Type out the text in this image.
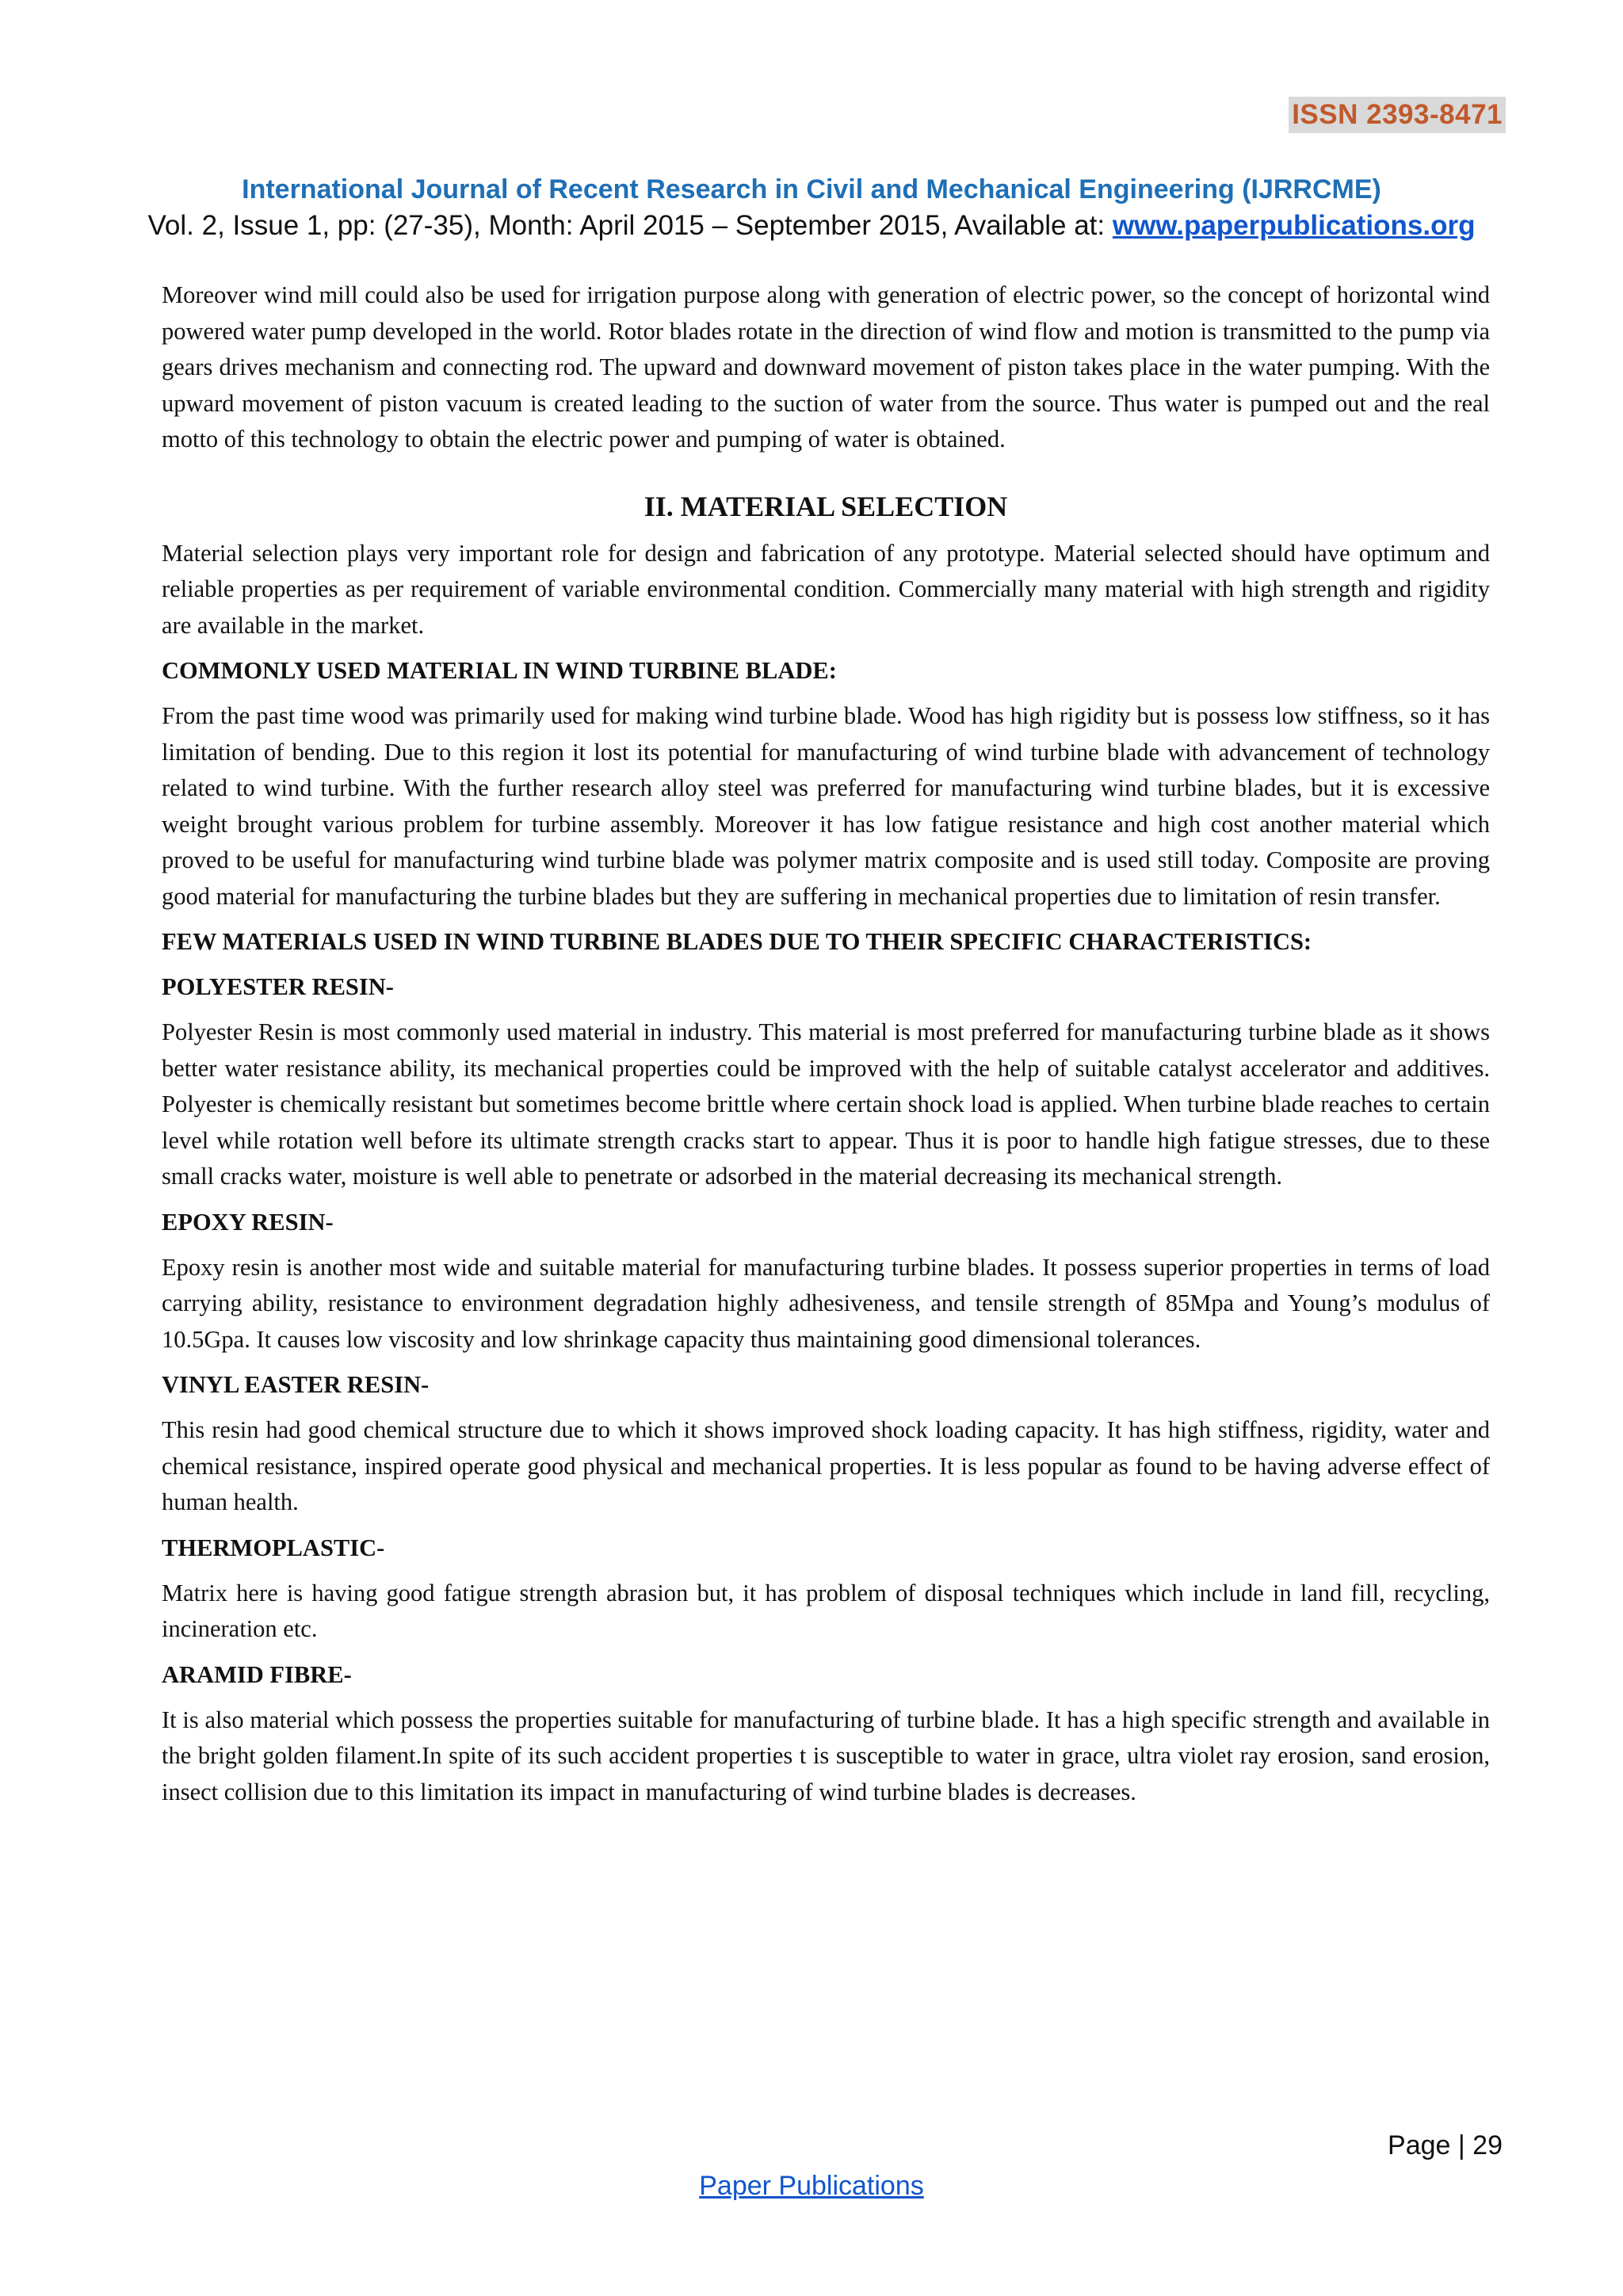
ISSN 2393-8471
International Journal of Recent Research in Civil and Mechanical Engineering (IJRRCME)
Vol. 2, Issue 1, pp: (27-35), Month: April 2015 – September 2015, Available at: www.paperpublications.org

Moreover wind mill could also be used for irrigation purpose along with generation of electric power, so the concept of horizontal wind powered water pump developed in the world. Rotor blades rotate in the direction of wind flow and motion is transmitted to the pump via gears drives mechanism and connecting rod. The upward and downward movement of piston takes place in the water pumping. With the upward movement of piston vacuum is created leading to the suction of water from the source. Thus water is pumped out and the real motto of this technology to obtain the electric power and pumping of water is obtained.

II. MATERIAL SELECTION

Material selection plays very important role for design and fabrication of any prototype. Material selected should have optimum and reliable properties as per requirement of variable environmental condition. Commercially many material with high strength and rigidity are available in the market.

COMMONLY USED MATERIAL IN WIND TURBINE BLADE:

From the past time wood was primarily used for making wind turbine blade. Wood has high rigidity but is possess low stiffness, so it has limitation of bending. Due to this region it lost its potential for manufacturing of wind turbine blade with advancement of technology related to wind turbine. With the further research alloy steel was preferred for manufacturing wind turbine blades, but it is excessive weight brought various problem for turbine assembly. Moreover it has low fatigue resistance and high cost another material which proved to be useful for manufacturing wind turbine blade was polymer matrix composite and is used still today. Composite are proving good material for manufacturing the turbine blades but they are suffering in mechanical properties due to limitation of resin transfer.

FEW MATERIALS USED IN WIND TURBINE BLADES DUE TO THEIR SPECIFIC CHARACTERISTICS:
POLYESTER RESIN-

Polyester Resin is most commonly used material in industry. This material is most preferred for manufacturing turbine blade as it shows better water resistance ability, its mechanical properties could be improved with the help of suitable catalyst accelerator and additives. Polyester is chemically resistant but sometimes become brittle where certain shock load is applied. When turbine blade reaches to certain level while rotation well before its ultimate strength cracks start to appear. Thus it is poor to handle high fatigue stresses, due to these small cracks water, moisture is well able to penetrate or adsorbed in the material decreasing its mechanical strength.

EPOXY RESIN-

Epoxy resin is another most wide and suitable material for manufacturing turbine blades. It possess superior properties in terms of load carrying ability, resistance to environment degradation highly adhesiveness, and tensile strength of 85Mpa and Young’s modulus of 10.5Gpa. It causes low viscosity and low shrinkage capacity thus maintaining good dimensional tolerances.

VINYL EASTER RESIN-

This resin had good chemical structure due to which it shows improved shock loading capacity. It has high stiffness, rigidity, water and chemical resistance, inspired operate good physical and mechanical properties. It is less popular as found to be having adverse effect of human health.

THERMOPLASTIC-

Matrix here is having good fatigue strength abrasion but, it has problem of disposal techniques which include in land fill, recycling, incineration etc.

ARAMID FIBRE-

It is also material which possess the properties suitable for manufacturing of turbine blade. It has a high specific strength and available in the bright golden filament.In spite of its such accident properties t is susceptible to water in grace, ultra violet ray erosion, sand erosion, insect collision due to this limitation its impact in manufacturing of wind turbine blades is decreases.

Page | 29
Paper Publications
